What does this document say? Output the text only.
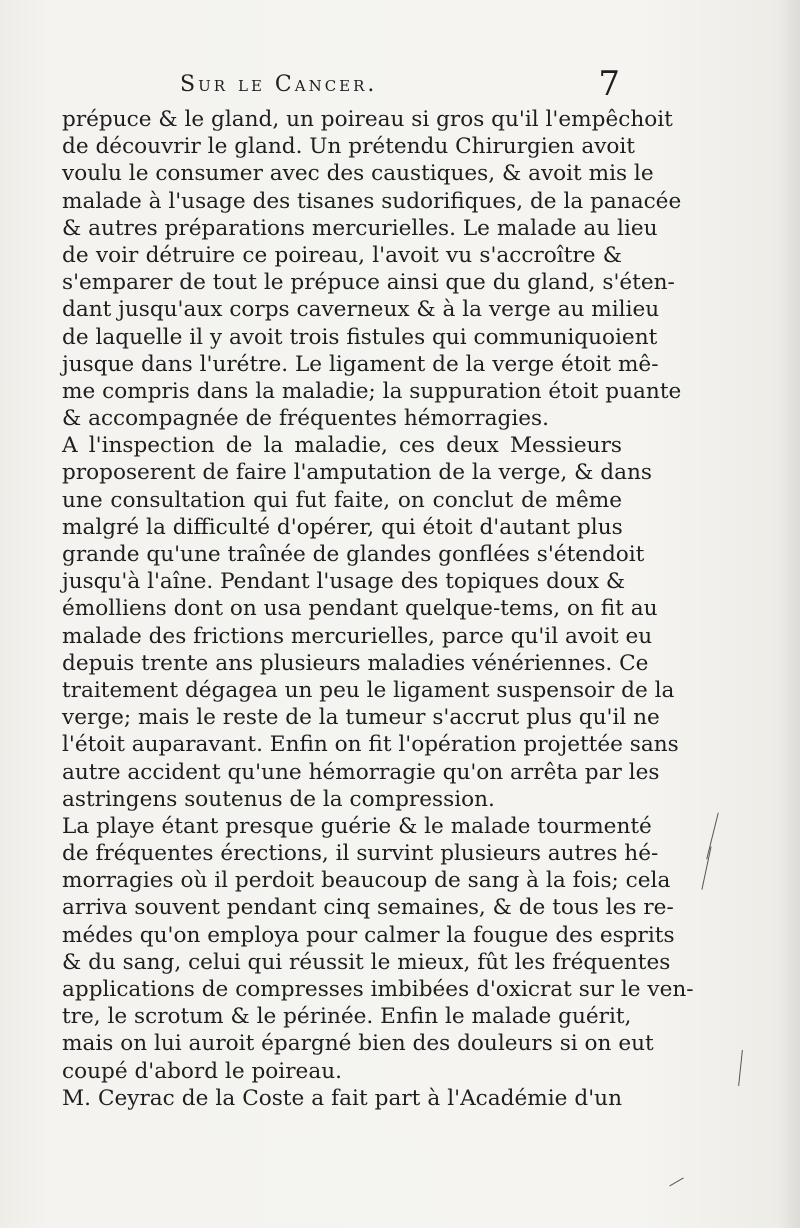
Sur le Cancer.	7
prépuce & le gland, un poireau si gros qu'il l'empêchoit
de découvrir le gland. Un prétendu Chirurgien avoit
voulu le consumer avec des caustiques, & avoit mis le
malade à l'usage des tisanes sudorifiques, de la panacée
& autres préparations mercurielles. Le malade au lieu
de voir détruire ce poireau, l'avoit vu s'accroître &
s'emparer de tout le prépuce ainsi que du gland, s'éten-
dant jusqu'aux corps caverneux & à la verge au milieu
de laquelle il y avoit trois fistules qui communiquoient
jusque dans l'urétre. Le ligament de la verge étoit mê-
me compris dans la maladie; la suppuration étoit puante
& accompagnée de fréquentes hémorragies.
A l'inspection de la maladie, ces deux Messieurs
proposerent de faire l'amputation de la verge, & dans
une consultation qui fut faite, on conclut de même
malgré la difficulté d'opérer, qui étoit d'autant plus
grande qu'une traînée de glandes gonflées s'étendoit
jusqu'à l'aîne. Pendant l'usage des topiques doux &
émolliens dont on usa pendant quelque-tems, on fit au
malade des frictions mercurielles, parce qu'il avoit eu
depuis trente ans plusieurs maladies vénériennes. Ce
traitement dégagea un peu le ligament suspensoir de la
verge; mais le reste de la tumeur s'accrut plus qu'il ne
l'étoit auparavant. Enfin on fit l'opération projettée sans
autre accident qu'une hémorragie qu'on arrêta par les
astringens soutenus de la compression.
La playe étant presque guérie & le malade tourmenté
de fréquentes érections, il survint plusieurs autres hé-
morragies où il perdoit beaucoup de sang à la fois; cela
arriva souvent pendant cinq semaines, & de tous les re-
médes qu'on employa pour calmer la fougue des esprits
& du sang, celui qui réussit le mieux, fût les fréquentes
applications de compresses imbibées d'oxicrat sur le ven-
tre, le scrotum & le périnée. Enfin le malade guérit,
mais on lui auroit épargné bien des douleurs si on eut
coupé d'abord le poireau.
M. Ceyrac de la Coste a fait part à l'Académie d'un
